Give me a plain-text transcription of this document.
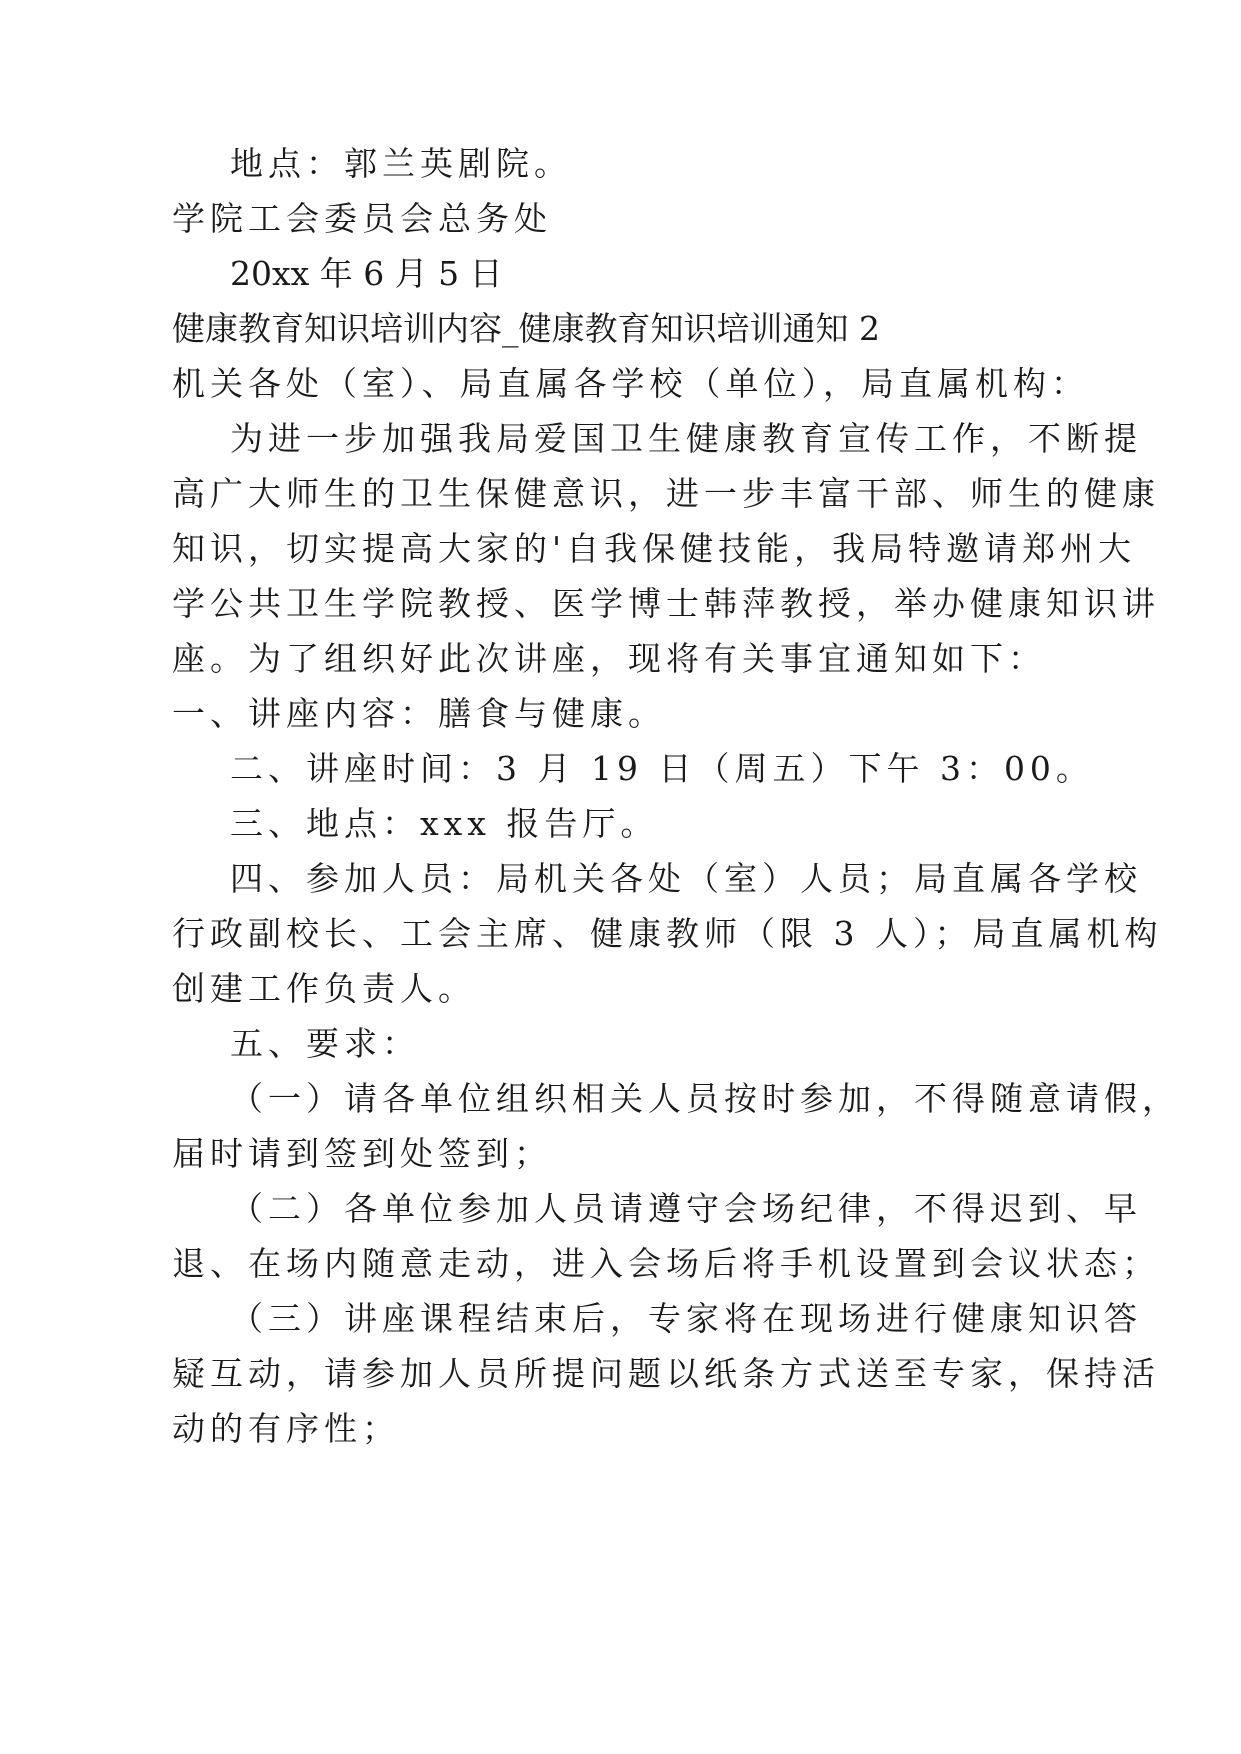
地点：郭兰英剧院。
学院工会委员会总务处
20xx 年 6 月 5 日
健康教育知识培训内容_健康教育知识培训通知 2
机关各处（室）、局直属各学校（单位），局直属机构：
为进一步加强我局爱国卫生健康教育宣传工作，不断提
高广大师生的卫生保健意识，进一步丰富干部、师生的健康
知识，切实提高大家的'自我保健技能，我局特邀请郑州大
学公共卫生学院教授、医学博士韩萍教授，举办健康知识讲
座。为了组织好此次讲座，现将有关事宜通知如下：
一、讲座内容：膳食与健康。
二、讲座时间：3 月 19 日（周五）下午 3：00。
三、地点：xxx 报告厅。
四、参加人员：局机关各处（室）人员；局直属各学校
行政副校长、工会主席、健康教师（限 3 人）；局直属机构
创建工作负责人。
五、要求：
（一）请各单位组织相关人员按时参加，不得随意请假，
届时请到签到处签到；
（二）各单位参加人员请遵守会场纪律，不得迟到、早
退、在场内随意走动，进入会场后将手机设置到会议状态；
（三）讲座课程结束后，专家将在现场进行健康知识答
疑互动，请参加人员所提问题以纸条方式送至专家，保持活
动的有序性；
